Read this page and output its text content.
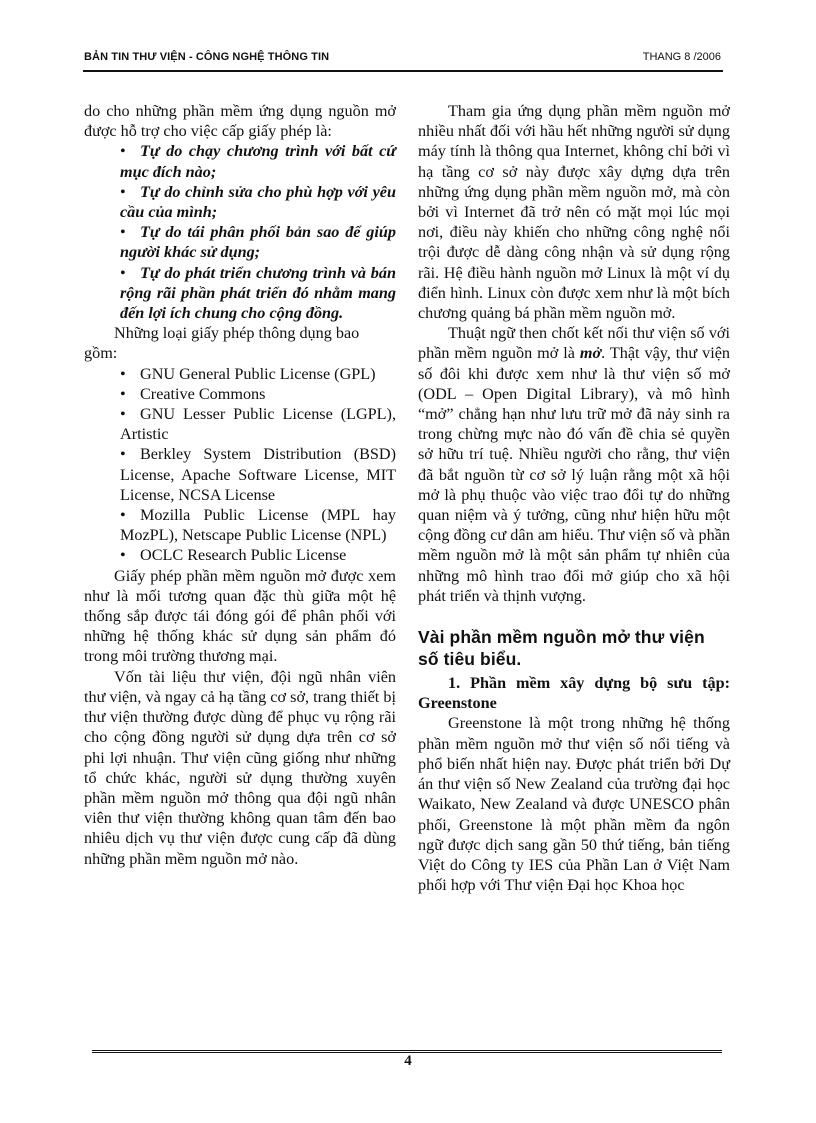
BẢN TIN THƯ VIỆN - CÔNG NGHỆ THÔNG TIN	THANG 8 /2006

do cho những phần mềm ứng dụng nguồn mở được hỗ trợ cho việc cấp giấy phép là:

• Tự do chạy chương trình với bất cứ mục đích nào;
• Tự do chỉnh sửa cho phù hợp với yêu cầu của mình;
• Tự do tái phân phối bản sao để giúp người khác sử dụng;
• Tự do phát triển chương trình và bán rộng rãi phần phát triển đó nhằm mang đến lợi ích chung cho cộng đồng.

Những loại giấy phép thông dụng bao

gồm:

• GNU General Public License (GPL)
• Creative Commons
• GNU Lesser Public License (LGPL), Artistic
• Berkley System Distribution (BSD) License, Apache Software License, MIT License, NCSA License
• Mozilla Public License (MPL hay MozPL), Netscape Public License (NPL)
• OCLC Research Public License

Giấy phép phần mềm nguồn mở được xem như là mối tương quan đặc thù giữa một hệ thống sắp được tái đóng gói để phân phối với những hệ thống khác sử dụng sản phẩm đó trong môi trường thương mại.

Vốn tài liệu thư viện, đội ngũ nhân viên thư viện, và ngay cả hạ tầng cơ sở, trang thiết bị thư viện thường được dùng để phục vụ rộng rãi cho cộng đồng người sử dụng dựa trên cơ sở phi lợi nhuận. Thư viện cũng giống như những tổ chức khác, người sử dụng thường xuyên phần mềm nguồn mở thông qua đội ngũ nhân viên thư viện thường không quan tâm đến bao nhiêu dịch vụ thư viện được cung cấp đã dùng những phần mềm nguồn mở nào.

Tham gia ứng dụng phần mềm nguồn mở nhiều nhất đối với hầu hết những người sử dụng máy tính là thông qua Internet, không chỉ bởi vì hạ tầng cơ sở này được xây dựng dựa trên những ứng dụng phần mềm nguồn mở, mà còn bởi vì Internet đã trở nên có mặt mọi lúc mọi nơi, điều này khiến cho những công nghệ nổi trội được dễ dàng công nhận và sử dụng rộng rãi. Hệ điều hành nguồn mở Linux là một ví dụ điển hình. Linux còn được xem như là một bích chương quảng bá phần mềm nguồn mở.

Thuật ngữ then chốt kết nối thư viện số với phần mềm nguồn mở là mở. Thật vậy, thư viện số đôi khi được xem như là thư viện số mở (ODL – Open Digital Library), và mô hình “mở” chẳng hạn như lưu trữ mở đã nảy sinh ra trong chừng mực nào đó vấn đề chia sẻ quyền sở hữu trí tuệ. Nhiều người cho rằng, thư viện đã bắt nguồn từ cơ sở lý luận rằng một xã hội mở là phụ thuộc vào việc trao đổi tự do những quan niệm và ý tưởng, cũng như hiện hữu một cộng đồng cư dân am hiểu. Thư viện số và phần mềm nguồn mở là một sản phẩm tự nhiên của những mô hình trao đổi mở giúp cho xã hội phát triển và thịnh vượng.

Vài phần mềm nguồn mở thư viện số tiêu biểu.

1. Phần mềm xây dựng bộ sưu tập: Greenstone

Greenstone là một trong những hệ thống phần mềm nguồn mở thư viện số nổi tiếng và phổ biến nhất hiện nay. Được phát triển bởi Dự án thư viện số New Zealand của trường đại học Waikato, New Zealand và được UNESCO phân phối, Greenstone là một phần mềm đa ngôn ngữ được dịch sang gần 50 thứ tiếng, bản tiếng Việt do Công ty IES của Phần Lan ở Việt Nam phối hợp với Thư viện Đại học Khoa học

4
